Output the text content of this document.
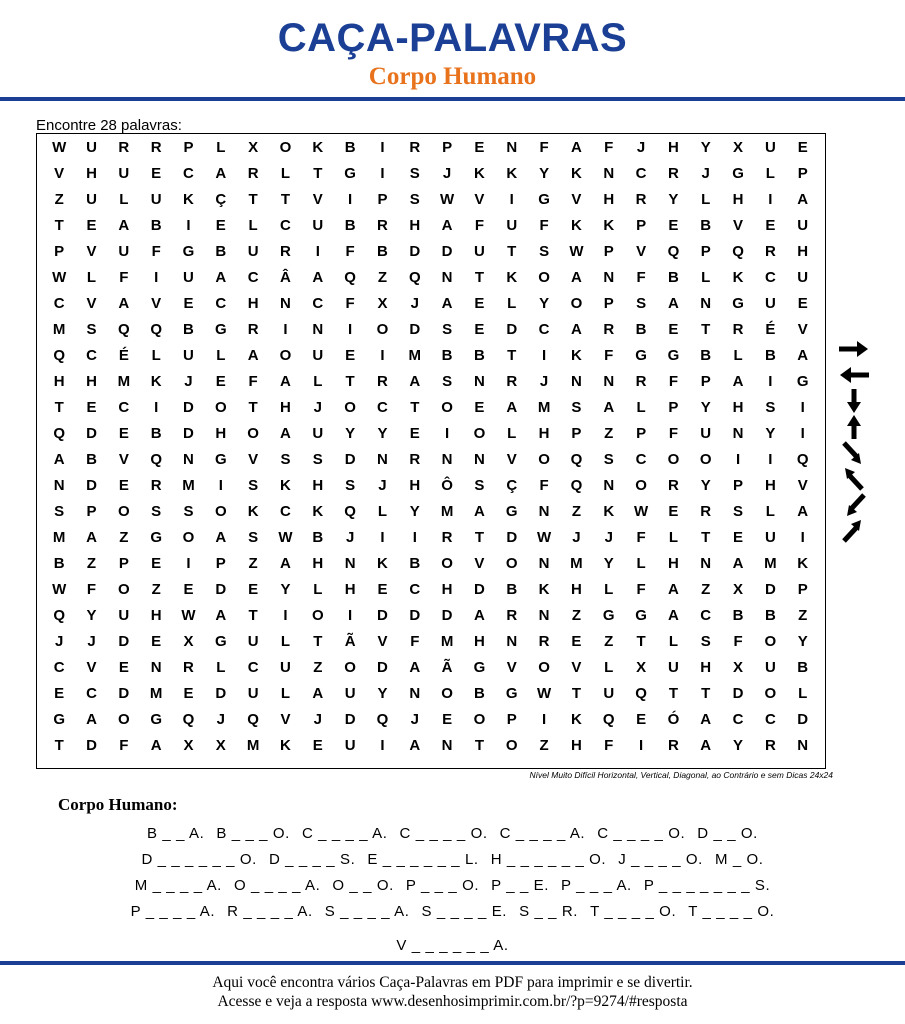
CAÇA-PALAVRAS
Corpo Humano
Encontre 28 palavras:
W	U	R	R	P	L	X	O	K	B	I	R	P	E	N	F	A	F	J	H	Y	X	U	E
V	H	U	E	C	A	R	L	T	G	I	S	J	K	K	Y	K	N	C	R	J	G	L	P
Z	U	L	U	K	Ç	T	T	V	I	P	S	W	V	I	G	V	H	R	Y	L	H	I	A
T	E	A	B	I	E	L	C	U	B	R	H	A	F	U	F	K	K	P	E	B	V	E	U
P	V	U	F	G	B	U	R	I	F	B	D	D	U	T	S	W	P	V	Q	P	Q	R	H
W	L	F	I	U	A	C	Â	A	Q	Z	Q	N	T	K	O	A	N	F	B	L	K	C	U
C	V	A	V	E	C	H	N	C	F	X	J	A	E	L	Y	O	P	S	A	N	G	U	E
M	S	Q	Q	B	G	R	I	N	I	O	D	S	E	D	C	A	R	B	E	T	R	É	V
Q	C	É	L	U	L	A	O	U	E	I	M	B	B	T	I	K	F	G	G	B	L	B	A
H	H	M	K	J	E	F	A	L	T	R	A	S	N	R	J	N	N	R	F	P	A	I	G
T	E	C	I	D	O	T	H	J	O	C	T	O	E	A	M	S	A	L	P	Y	H	S	I
Q	D	E	B	D	H	O	A	U	Y	Y	E	I	O	L	H	P	Z	P	F	U	N	Y	I
A	B	V	Q	N	G	V	S	S	D	N	R	N	N	V	O	Q	S	C	O	O	I	I	Q
N	D	E	R	M	I	S	K	H	S	J	H	Ô	S	Ç	F	Q	N	O	R	Y	P	H	V
S	P	O	S	S	O	K	C	K	Q	L	Y	M	A	G	N	Z	K	W	E	R	S	L	A
M	A	Z	G	O	A	S	W	B	J	I	I	R	T	D	W	J	J	F	L	T	E	U	I
B	Z	P	E	I	P	Z	A	H	N	K	B	O	V	O	N	M	Y	L	H	N	A	M	K
W	F	O	Z	E	D	E	Y	L	H	E	C	H	D	B	K	H	L	F	A	Z	X	D	P
Q	Y	U	H	W	A	T	I	O	I	D	D	D	A	R	N	Z	G	G	A	C	B	B	Z
J	J	D	E	X	G	U	L	T	Ã	V	F	M	H	N	R	E	Z	T	L	S	F	O	Y
C	V	E	N	R	L	C	U	Z	O	D	A	Ã	G	V	O	V	L	X	U	H	X	U	B
E	C	D	M	E	D	U	L	A	U	Y	N	O	B	G	W	T	U	Q	T	T	D	O	L
G	A	O	G	Q	J	Q	V	J	D	Q	J	E	O	P	I	K	Q	E	Ó	A	C	C	D
T	D	F	A	X	X	M	K	E	U	I	A	N	T	O	Z	H	F	I	R	A	Y	R	N
Nível Muito Difícil Horizontal, Vertical, Diagonal, ao Contrário e sem Dicas 24x24
Corpo Humano:
B _ _ A. B _ _ _ O. C _ _ _ _ A. C _ _ _ _ O. C _ _ _ _ A. C _ _ _ _ O. D _ _ O.
D _ _ _ _ _ _ O. D _ _ _ _ S. E _ _ _ _ _ _ L. H _ _ _ _ _ _ O. J _ _ _ _ O. M _ O.
M _ _ _ _ A. O _ _ _ _ A. O _ _ O. P _ _ _ O. P _ _ E. P _ _ _ A. P _ _ _ _ _ _ _ S.
P _ _ _ _ A. R _ _ _ _ A. S _ _ _ _ A. S _ _ _ _ E. S _ _ R. T _ _ _ _ O. T _ _ _ _ O.
V _ _ _ _ _ _ A.
Aqui você encontra vários Caça-Palavras em PDF para imprimir e se divertir.
Acesse e veja a resposta www.desenhosimprimir.com.br/?p=9274/#resposta
